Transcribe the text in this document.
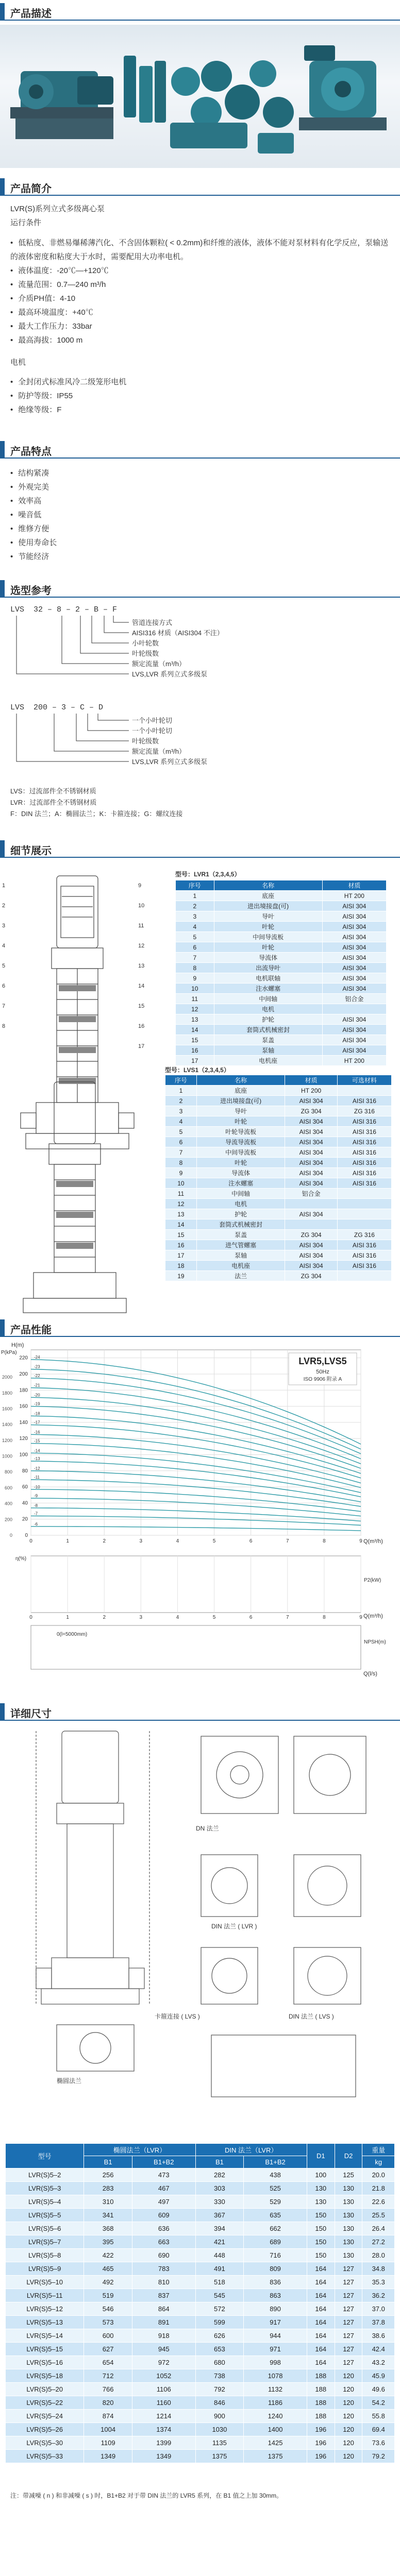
产品描述
产品简介
LVR(S)系列立式多级离心泵
运行条件
• 低粘度、非燃易爆稀薄汽化、不含固体颗粒( < 0.2mm)和纤维的液体，液体不能对泵材料有化学反应，泵输送的液体密度和粘度大于水时，需要配用大功率电机。
• 液体温度：-20℃—+120℃
• 流量范围：0.7—240 m³/h
• 介质PH值：4-10
• 最高环境温度：+40℃
• 最大工作压力：33bar
• 最高海拔：1000 m
电机
• 全封闭式标准风冷二级笼形电机
• 防护等级：IP55
• 绝缘等级：F
产品特点
• 结构紧凑
• 外观完美
• 效率高
• 噪音低
• 维修方便
• 使用寿命长
• 节能经济
选型参考
LVS  32 – 8 – 2 – B – F
管道连接方式
AISI316 材质（AISI304 不注）
小叶轮数
叶轮级数
额定流量（m³/h）
LVS,LVR 系列立式多级泵
LVS  200 – 3 – C – D
一个小叶轮切
一个小叶轮切
叶轮级数
额定流量（m³/h）
LVS,LVR 系列立式多级泵
LVS：过流部件全不锈钢材质
LVR：过流部件全不锈钢材质
F：DIN 法兰；A：椭圆法兰；K：卡箍连接；G：螺纹连接
细节展示
1
2
3
4
5
6
7
8
9
10
11
12
13
14
15
16
17
型号：LVR1（2,3,4,5）
序号	名称	材质
1	底座	HT 200
2	进出境接盘(可)	AISI 304
3	导叶	AISI 304
4	叶轮	AISI 304
5	中间导流板	AISI 304
6	叶轮	AISI 304
7	导流体	AISI 304
8	出流导叶	AISI 304
9	电机联轴	AISI 304
10	注水螺塞	AISI 304
11	中间轴	铝合金
12	电机	
13	护轮	AISI 304
14	套筒式机械密封	AISI 304
15	泵盖	AISI 304
16	泵轴	AISI 304
17	电机座	HT 200
型号：LVS1（2,3,4,5）
序号	名称	材质	可选材料
1	底座	HT 200	
2	进出境接盘(可)	AISI 304	AISI 316
3	导叶	ZG 304	ZG 316
4	叶轮	AISI 304	AISI 316
5	叶轮导流板	AISI 304	AISI 316
6	导流导流板	AISI 304	AISI 316
7	中间导流板	AISI 304	AISI 316
8	叶轮	AISI 304	AISI 316
9	导流体	AISI 304	AISI 316
10	注水螺塞	AISI 304	AISI 316
11	中间轴	铝合金	
12	电机		
13	护轮	AISI 304	
14	套筒式机械密封		
15	泵盖	ZG 304	ZG 316
16	进气管螺塞	AISI 304	AISI 316
17	泵轴	AISI 304	AISI 316
18	电机座	AISI 304	AISI 316
19	法兰	ZG 304	
产品性能
-24
-23
-22
-21
-20
-19
-18
-17
-16
-15
-14
-13
-12
-11
-10
-9
-8
-7
-6
0	1	2	3	4	5	6	7	8	9
0
20
40
60
80
100
120
140
160
180
200
220
0
200
400
600
800
1000
1200
1400
1600
1800
2000
LVR5,LVS5
50Hz
ISO 9906 附录 A
H(m)
P(kPa)
Q(m³/h)
0	1	2	3	4	5	6	7	8	9
η(%)
P2(kW)
Q(m³/h)
NPSH(m)
0(l=5000mm)
Q(l/s)
详细尺寸
DN 法兰
椭圆法兰
DIN 法兰 ( LVR )
卡箍连接 ( LVS )	DIN 法兰 ( LVS )
型号	椭圆法兰（LVR）		DIN 法兰（LVR）		D1	D2	重量
	B1	B1+B2	B1	B1+B2			kg
LVR(S)5–2	256	473	282	438	100	125	20.0
LVR(S)5–3	283	467	303	525	130	130	21.8
LVR(S)5–4	310	497	330	529	130	130	22.6
LVR(S)5–5	341	609	367	635	150	130	25.5
LVR(S)5–6	368	636	394	662	150	130	26.4
LVR(S)5–7	395	663	421	689	150	130	27.2
LVR(S)5–8	422	690	448	716	150	130	28.0
LVR(S)5–9	465	783	491	809	164	127	34.8
LVR(S)5–10	492	810	518	836	164	127	35.3
LVR(S)5–11	519	837	545	863	164	127	36.2
LVR(S)5–12	546	864	572	890	164	127	37.0
LVR(S)5–13	573	891	599	917	164	127	37.8
LVR(S)5–14	600	918	626	944	164	127	38.6
LVR(S)5–15	627	945	653	971	164	127	42.4
LVR(S)5–16	654	972	680	998	164	127	43.2
LVR(S)5–18	712	1052	738	1078	188	120	45.9
LVR(S)5–20	766	1106	792	1132	188	120	49.6
LVR(S)5–22	820	1160	846	1186	188	120	54.2
LVR(S)5–24	874	1214	900	1240	188	120	55.8
LVR(S)5–26	1004	1374	1030	1400	196	120	69.4
LVR(S)5–30	1109	1399	1135	1425	196	120	73.6
LVR(S)5–33	1349	1349	1375	1375	196	120	79.2
注：带减噪 ( n ) 和非减噪 ( s ) 时，B1+B2 对于带 DIN 法兰的 LVR5 系列，在 B1 值之上加 30mm。
